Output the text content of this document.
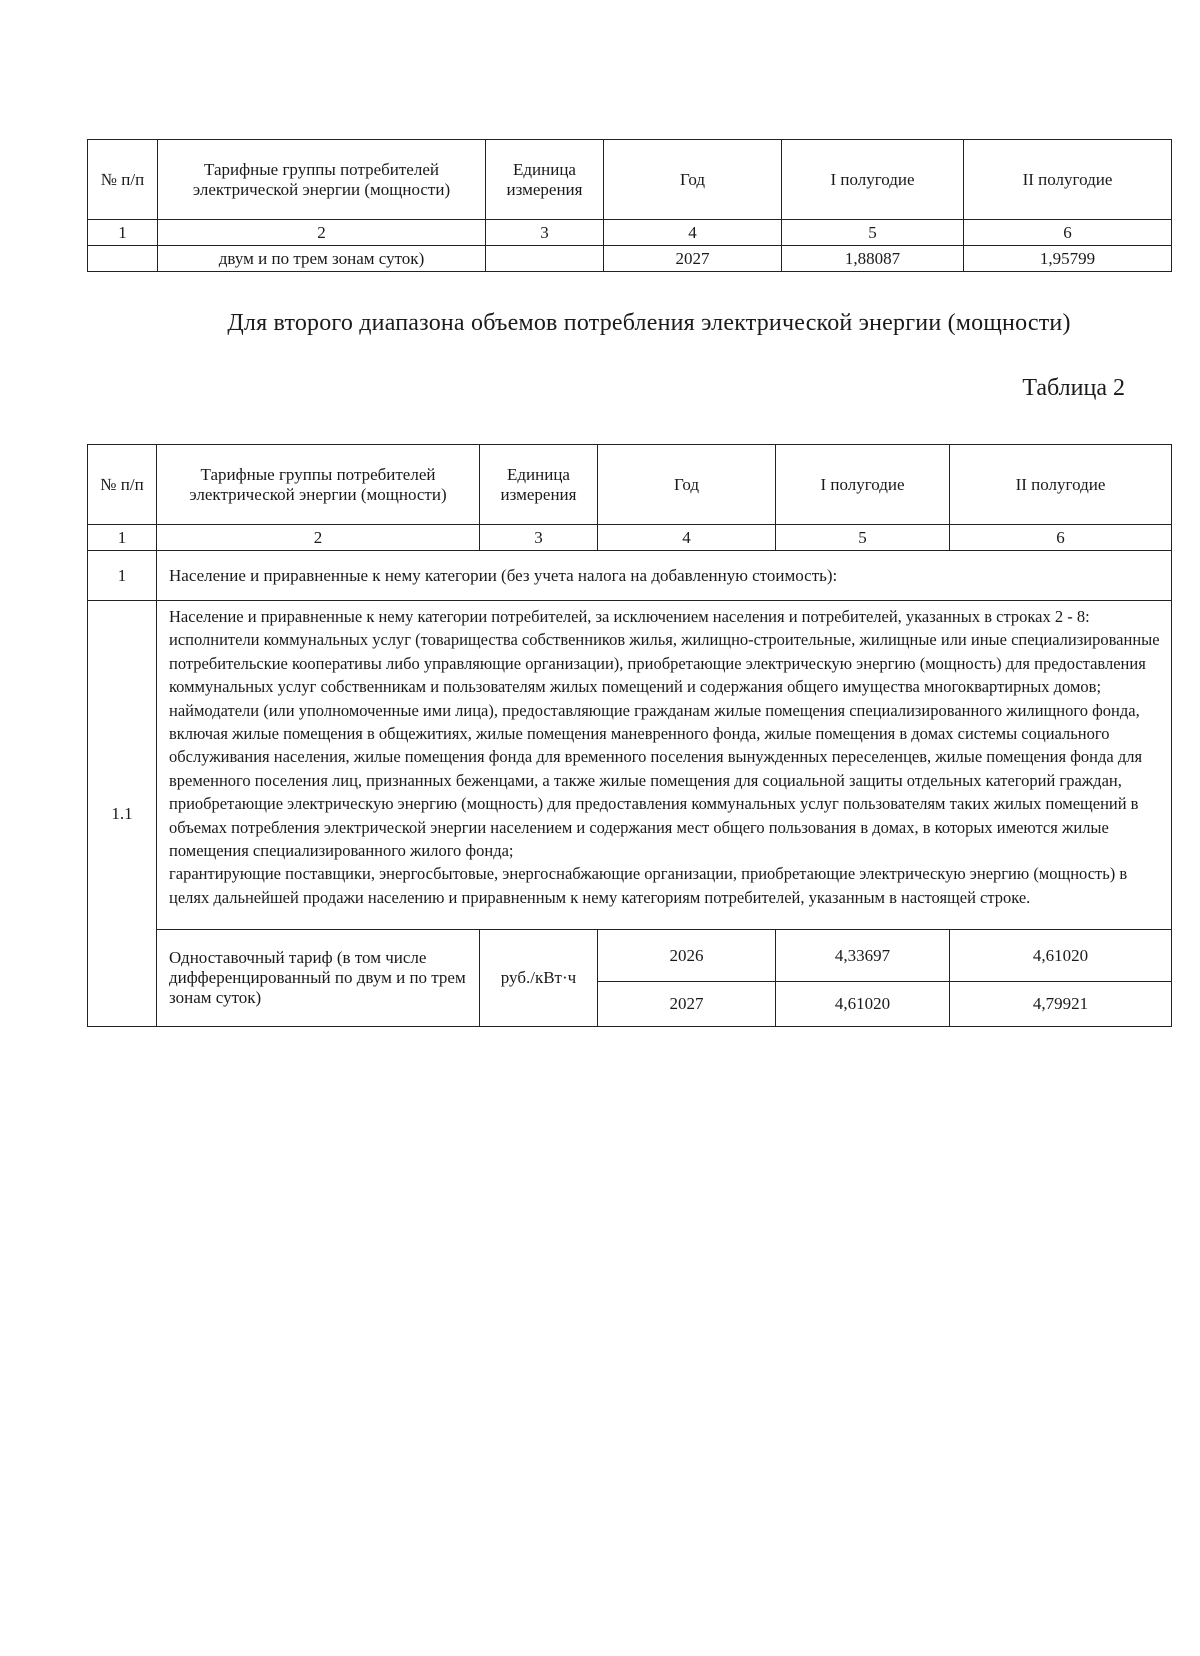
№ п/п	Тарифные группы потребителей электрической энергии (мощности)	Единица измерения	Год	I полугодие	II полугодие
1	2	3	4	5	6
	двум и по трем зонам суток)		2027	1,88087	1,95799
Для второго диапазона объемов потребления электрической энергии (мощности)
Таблица 2
№ п/п	Тарифные группы потребителей электрической энергии (мощности)	Единица измерения	Год	I полугодие	II полугодие
1	2	3	4	5	6
1	Население и приравненные к нему категории (без учета налога на добавленную стоимость):				
1.1	Население и приравненные к нему категории потребителей, за исключением населения и потребителей, указанных в строках 2 - 8:
исполнители коммунальных услуг (товарищества собственников жилья, жилищно-строительные, жилищные или иные специализированные потребительские кооперативы либо управляющие организации), приобретающие электрическую энергию (мощность) для предоставления коммунальных услуг собственникам и пользователям жилых помещений и содержания общего имущества многоквартирных домов;
наймодатели (или уполномоченные ими лица), предоставляющие гражданам жилые помещения специализированного жилищного фонда, включая жилые помещения в общежитиях, жилые помещения маневренного фонда, жилые помещения в домах системы социального обслуживания населения, жилые помещения фонда для временного поселения вынужденных переселенцев, жилые помещения фонда для временного поселения лиц, признанных беженцами, а также жилые помещения для социальной защиты отдельных категорий граждан, приобретающие электрическую энергию (мощность) для предоставления коммунальных услуг пользователям таких жилых помещений в объемах потребления электрической энергии населением и содержания мест общего пользования в домах, в которых имеются жилые помещения специализированного жилого фонда;
гарантирующие поставщики, энергосбытовые, энергоснабжающие организации, приобретающие электрическую энергию (мощность) в целях дальнейшей продажи населению и приравненным к нему категориям потребителей, указанным в настоящей строке.				
	Одноставочный тариф (в том числе дифференцированный по двум и по трем зонам суток)	руб./кВт·ч	2026	4,33697	4,61020
			2027	4,61020	4,79921
